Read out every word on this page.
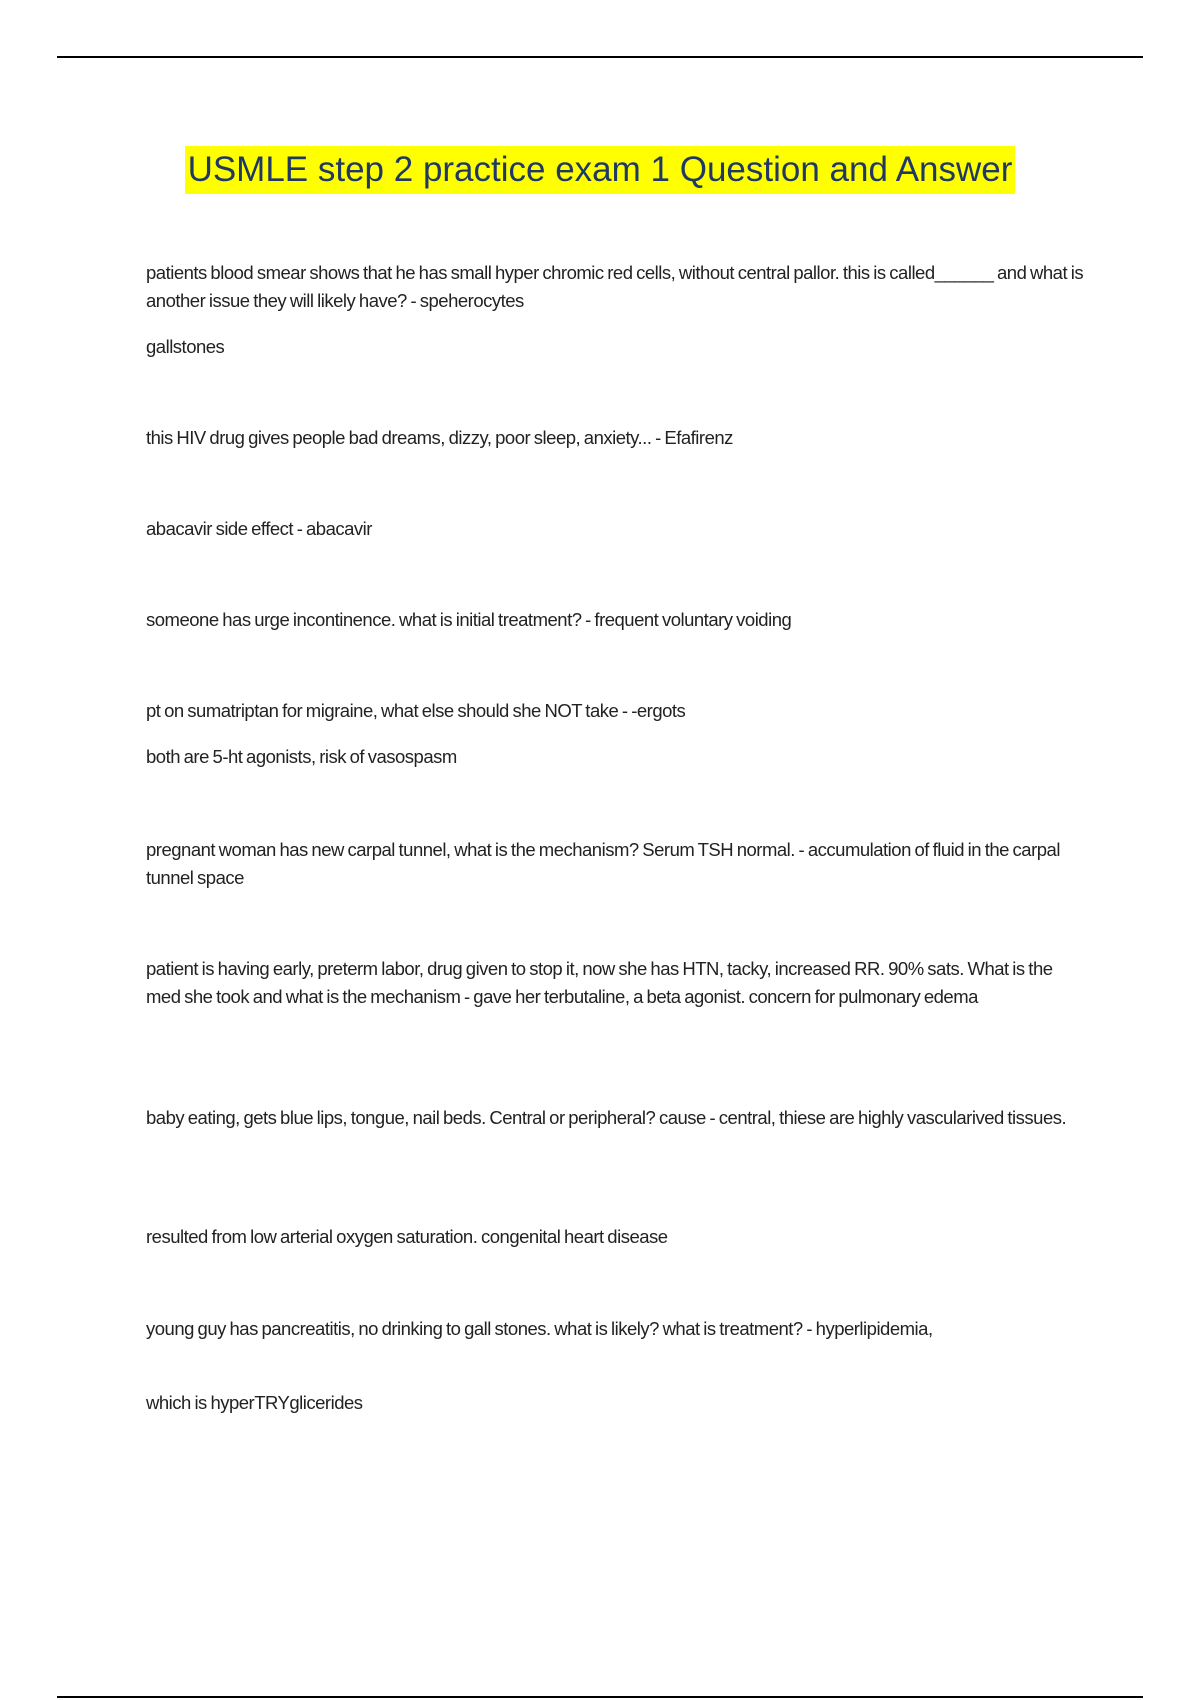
USMLE step 2 practice exam 1 Question and Answer

patients blood smear shows that he has small hyper chromic red cells, without central pallor. this is called______ and what is another issue they will likely have? - speherocytes

gallstones

this HIV drug gives people bad dreams, dizzy, poor sleep, anxiety... - Efafirenz

abacavir side effect - abacavir

someone has urge incontinence. what is initial treatment? - frequent voluntary voiding

pt on sumatriptan for migraine, what else should she NOT take - -ergots

both are 5-ht agonists, risk of vasospasm

pregnant woman has new carpal tunnel, what is the mechanism? Serum TSH normal. - accumulation of fluid in the carpal tunnel space

patient is having early, preterm labor, drug given to stop it, now she has HTN, tacky, increased RR. 90% sats. What is the med she took and what is the mechanism - gave her terbutaline, a beta agonist. concern for pulmonary edema

baby eating, gets blue lips, tongue, nail beds. Central or peripheral? cause - central, thiese are highly vascularived tissues.

resulted from low arterial oxygen saturation. congenital heart disease

young guy has pancreatitis, no drinking to gall stones. what is likely? what is treatment? - hyperlipidemia,

which is hyperTRYglicerides
